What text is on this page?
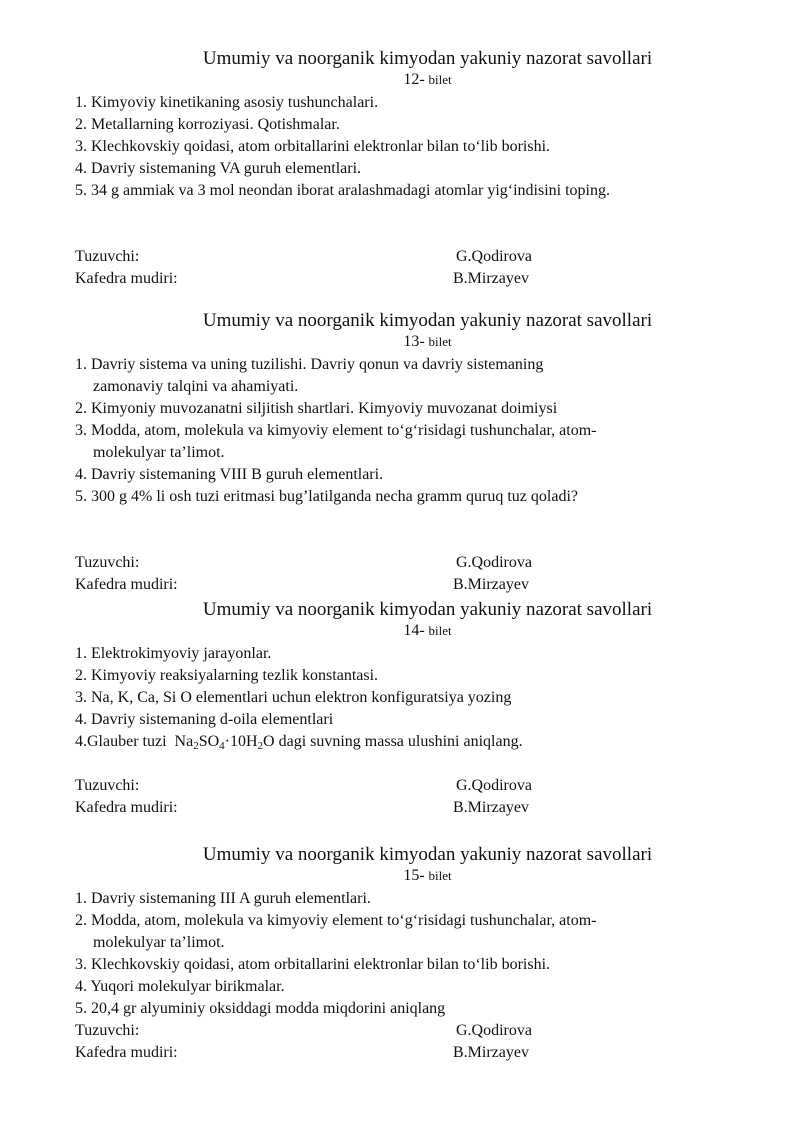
Umumiy va noorganik kimyodan yakuniy nazorat savollari

12- bilet

1. Kimyoviy kinetikaning asosiy tushunchalari.
2. Metallarning korroziyasi. Qotishmalar.
3. Klechkovskiy qoidasi, atom orbitallarini elektronlar bilan to‘lib borishi.
4. Davriy sistemaning VA guruh elementlari.
5. 34 g ammiak va 3 mol neondan iborat aralashmadagi atomlar yig‘indisini toping.
Tuzuvchi:	G.Qodirova
Kafedra mudiri:	B.Mirzayev
Umumiy va noorganik kimyodan yakuniy nazorat savollari

13- bilet

1. Davriy sistema va uning tuzilishi. Davriy qonun va davriy sistemaning
zamonaviy talqini va ahamiyati.
2. Kimyoniy muvozanatni siljitish shartlari. Kimyoviy muvozanat doimiysi
3. Modda, atom, molekula va kimyoviy element to‘g‘risidagi tushunchalar, atom-
molekulyar ta’limot.
4. Davriy sistemaning VIII B guruh elementlari.
5. 300 g 4% li osh tuzi eritmasi bug’latilganda necha gramm quruq tuz qoladi?
Tuzuvchi:	G.Qodirova
Kafedra mudiri:	B.Mirzayev
Umumiy va noorganik kimyodan yakuniy nazorat savollari

14- bilet

1. Elektrokimyoviy jarayonlar.
2. Kimyoviy reaksiyalarning tezlik konstantasi.
3. Na, K, Ca, Si O elementlari uchun elektron konfiguratsiya yozing
4. Davriy sistemaning d-oila elementlari
4.Glauber tuzi  $Na_2SO_4\cdot 10H_2O$ dagi suvning massa ulushini aniqlang.
Tuzuvchi:	G.Qodirova
Kafedra mudiri:	B.Mirzayev
Umumiy va noorganik kimyodan yakuniy nazorat savollari

15- bilet

1. Davriy sistemaning III A guruh elementlari.
2. Modda, atom, molekula va kimyoviy element to‘g‘risidagi tushunchalar, atom-
molekulyar ta’limot.
3. Klechkovskiy qoidasi, atom orbitallarini elektronlar bilan to‘lib borishi.
4. Yuqori molekulyar birikmalar.
5. 20,4 gr alyuminiy oksiddagi modda miqdorini aniqlang
Tuzuvchi:	G.Qodirova
Kafedra mudiri:	B.Mirzayev
